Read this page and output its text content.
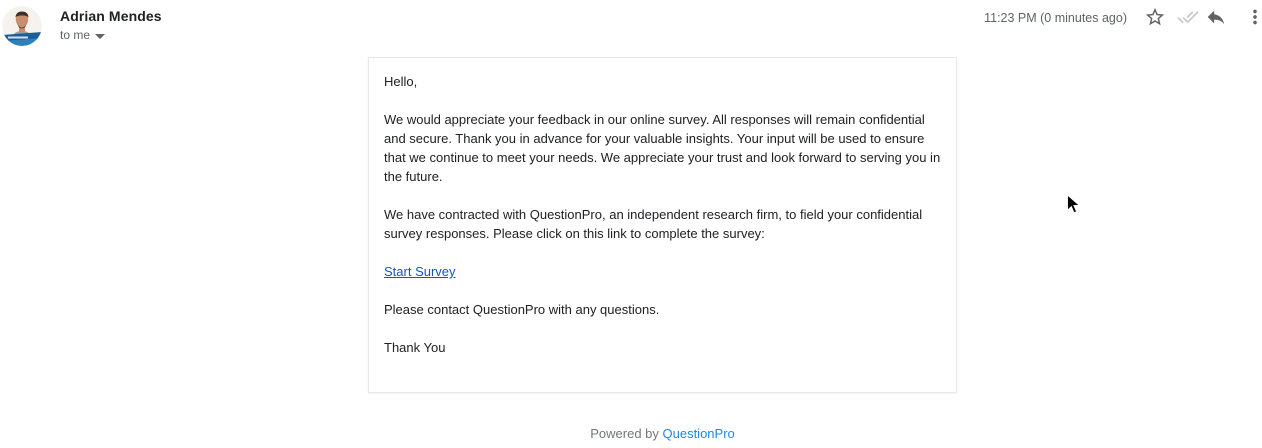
Adrian Mendes
to me
11:23 PM (0 minutes ago)

Hello,

We would appreciate your feedback in our online survey. All responses will remain confidential and secure. Thank you in advance for your valuable insights. Your input will be used to ensure that we continue to meet your needs. We appreciate your trust and look forward to serving you in the future.

We have contracted with QuestionPro, an independent research firm, to field your confidential survey responses. Please click on this link to complete the survey:

Start Survey

Please contact QuestionPro with any questions.

Thank You

Powered by QuestionPro
